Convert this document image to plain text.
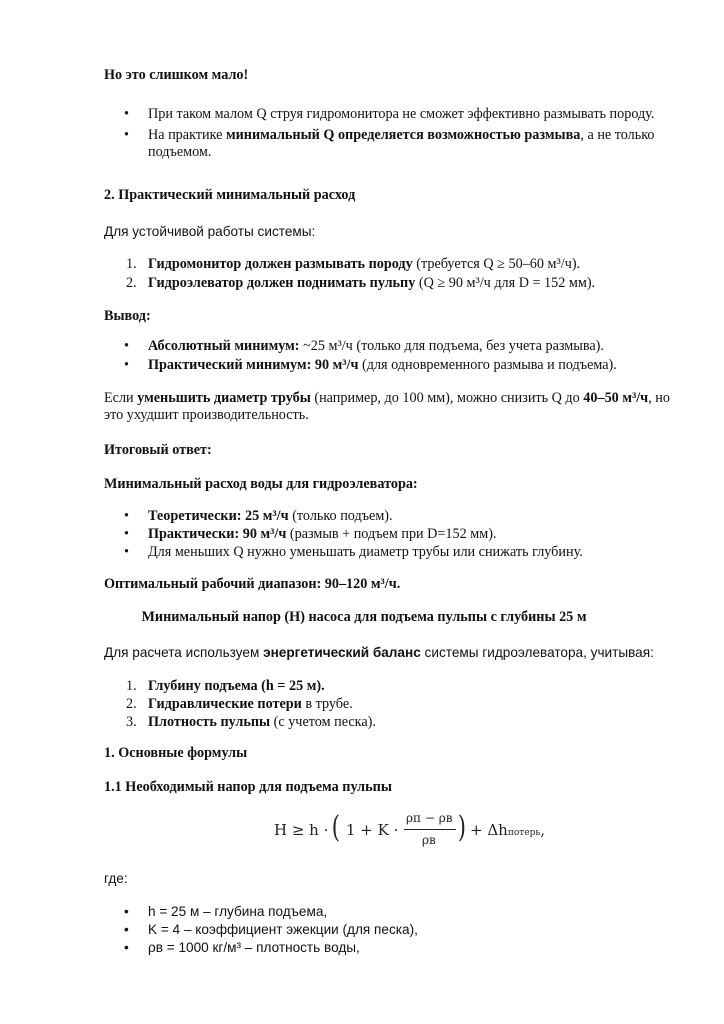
Но это слишком мало!
• При таком малом Q струя гидромонитора не сможет эффективно размывать породу.
• На практике минимальный Q определяется возможностью размыва, а не только подъемом.
2. Практический минимальный расход
Для устойчивой работы системы:
1. Гидромонитор должен размывать породу (требуется Q ≥ 50–60 м³/ч).
2. Гидроэлеватор должен поднимать пульпу (Q ≥ 90 м³/ч для D = 152 мм).
Вывод:
• Абсолютный минимум: ~25 м³/ч (только для подъема, без учета размыва).
• Практический минимум: 90 м³/ч (для одновременного размыва и подъема).
Если уменьшить диаметр трубы (например, до 100 мм), можно снизить Q до 40–50 м³/ч, но это ухудшит производительность.
Итоговый ответ:
Минимальный расход воды для гидроэлеватора:
• Теоретически: 25 м³/ч (только подъем).
• Практически: 90 м³/ч (размыв + подъем при D=152 мм).
• Для меньших Q нужно уменьшать диаметр трубы или снижать глубину.
Оптимальный рабочий диапазон: 90–120 м³/ч.
Минимальный напор (H) насоса для подъема пульпы с глубины 25 м
Для расчета используем энергетический баланс системы гидроэлеватора, учитывая:
1. Глубину подъема (h = 25 м).
2. Гидравлические потери в трубе.
3. Плотность пульпы (с учетом песка).
1. Основные формулы
1.1 Необходимый напор для подъема пульпы
H ≥ h · ( 1 + K ·
ρп − ρв
ρв ) + Δhпотерь,
где:
• h = 25 м – глубина подъема,
• K = 4 – коэффициент эжекции (для песка),
• ρв = 1000 кг/м³ – плотность воды,
